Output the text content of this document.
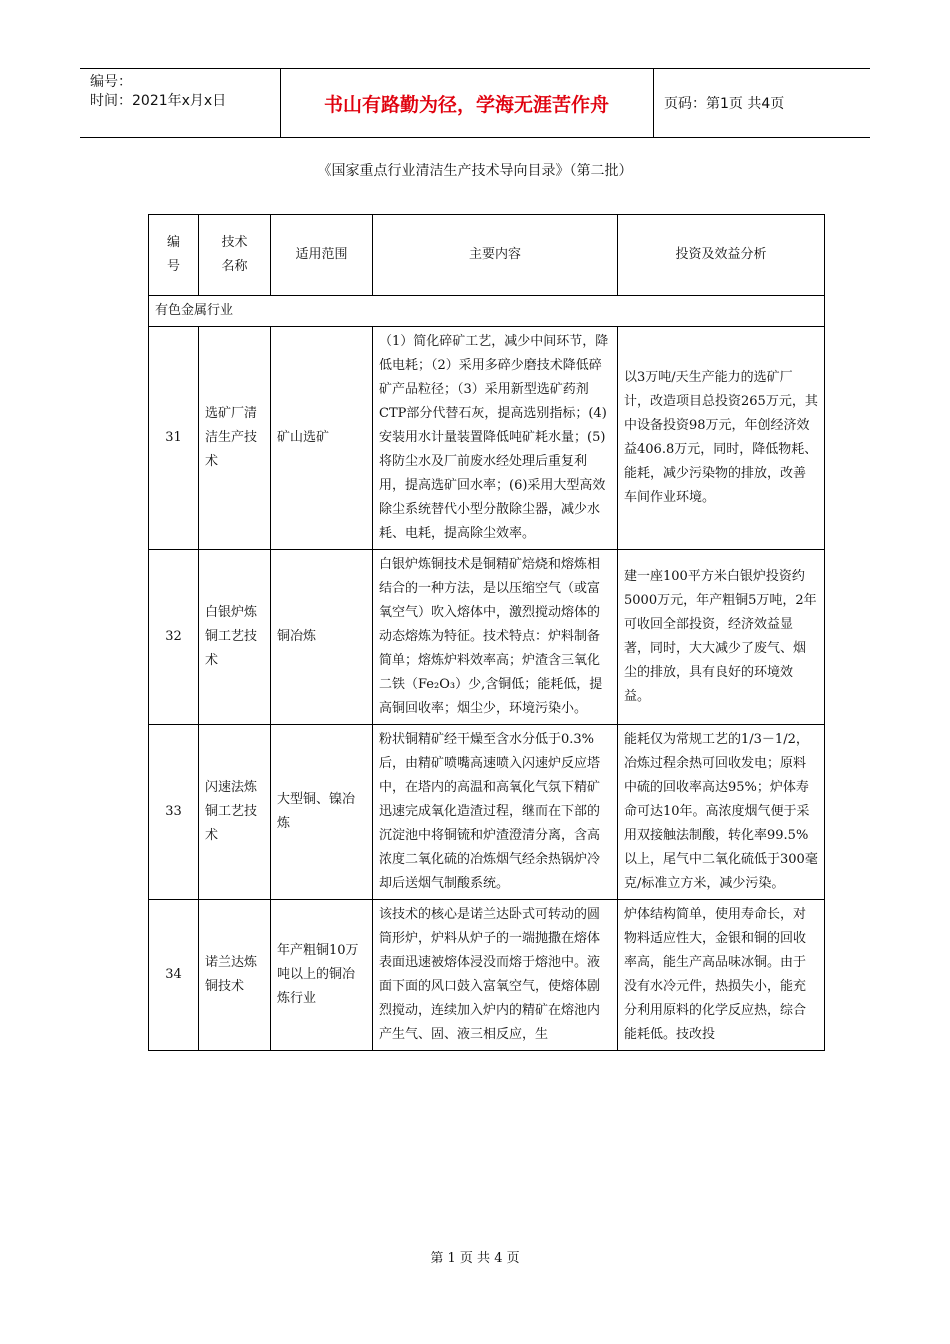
编号：
时间：2021年x月x日	书山有路勤为径，学海无涯苦作舟	页码：第1页 共4页
《国家重点行业清洁生产技术导向目录》（第二批）
编号	技术名称	适用范围	主要内容	投资及效益分析
有色金属行业				
31	选矿厂清洁生产技术	矿山选矿	（1）简化碎矿工艺，减少中间环节，降低电耗；（2）采用多碎少磨技术降低碎矿产品粒径；（3）采用新型选矿药剂CTP部分代替石灰，提高选别指标；(4) 安装用水计量装置降低吨矿耗水量；(5)将防尘水及厂前废水经处理后重复利用，提高选矿回水率；(6)采用大型高效除尘系统替代小型分散除尘器，减少水耗、电耗，提高除尘效率。	以3万吨/天生产能力的选矿厂计，改造项目总投资265万元，其中设备投资98万元，年创经济效益406.8万元，同时，降低物耗、能耗，减少污染物的排放，改善车间作业环境。
32	白银炉炼铜工艺技术	铜冶炼	白银炉炼铜技术是铜精矿焙烧和熔炼相结合的一种方法，是以压缩空气（或富氧空气）吹入熔体中，激烈搅动熔体的动态熔炼为特征。技术特点：炉料制备简单；熔炼炉料效率高；炉渣含三氧化二铁（Fe₂O₃）少,含铜低；能耗低，提高铜回收率；烟尘少，环境污染小。	建一座100平方米白银炉投资约5000万元，年产粗铜5万吨，2年可收回全部投资，经济效益显著，同时，大大减少了废气、烟尘的排放，具有良好的环境效益。
33	闪速法炼铜工艺技术	大型铜、镍冶炼	粉状铜精矿经干燥至含水分低于0.3%后，由精矿喷嘴高速喷入闪速炉反应塔中，在塔内的高温和高氧化气氛下精矿迅速完成氧化造渣过程，继而在下部的沉淀池中将铜锍和炉渣澄清分离，含高浓度二氧化硫的冶炼烟气经余热锅炉冷却后送烟气制酸系统。	能耗仅为常规工艺的1/3－1/2，冶炼过程余热可回收发电；原料中硫的回收率高达95%；炉体寿命可达10年。高浓度烟气便于采用双接触法制酸，转化率99.5%以上，尾气中二氧化硫低于300毫克/标准立方米，减少污染。
34	诺兰达炼铜技术	年产粗铜10万吨以上的铜冶炼行业	该技术的核心是诺兰达卧式可转动的圆筒形炉，炉料从炉子的一端抛撒在熔体表面迅速被熔体浸没而熔于熔池中。液面下面的风口鼓入富氧空气，使熔体剧烈搅动，连续加入炉内的精矿在熔池内产生气、固、液三相反应，生	炉体结构简单，使用寿命长，对物料适应性大，金银和铜的回收率高，能生产高品味冰铜。由于没有水冷元件，热损失小，能充分利用原料的化学反应热，综合能耗低。技改投
第 1 页 共 4 页
